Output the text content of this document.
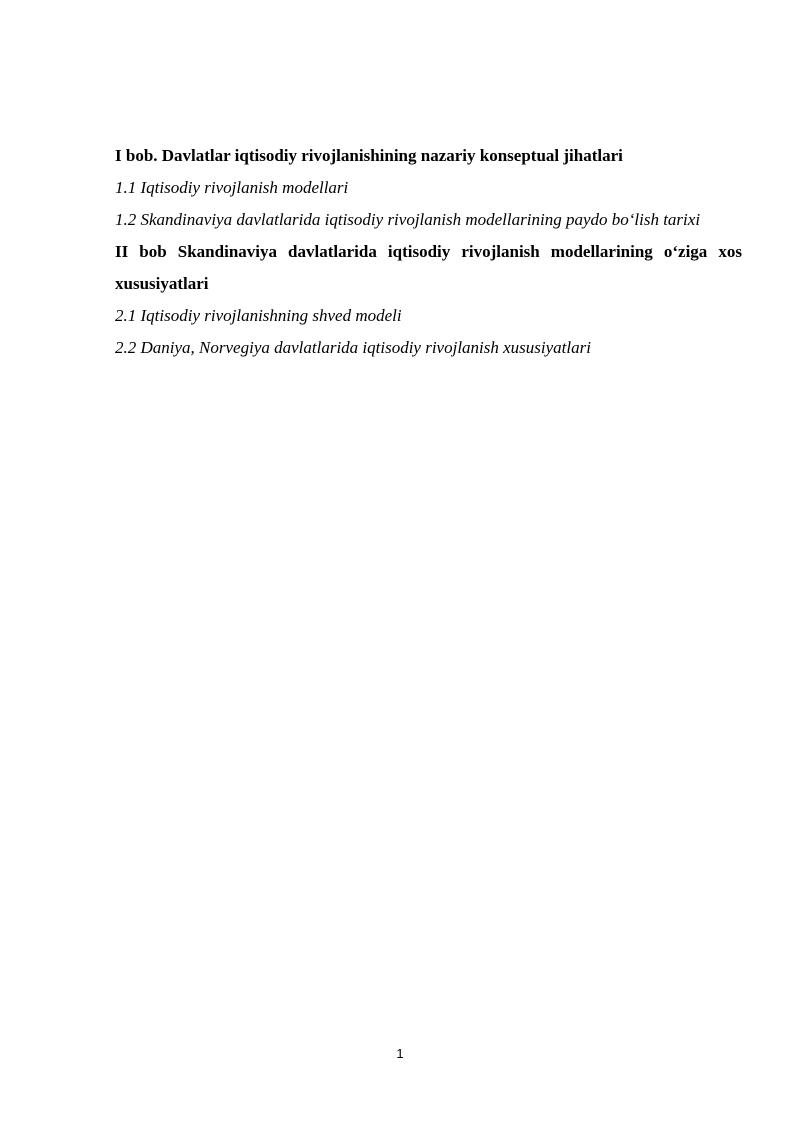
I bob. Davlatlar iqtisodiy rivojlanishining nazariy konseptual jihatlari

1.1 Iqtisodiy rivojlanish modellari

1.2 Skandinaviya davlatlarida iqtisodiy rivojlanish modellarining paydo bo‘lish tarixi

II bob Skandinaviya davlatlarida iqtisodiy rivojlanish modellarining o‘ziga xos xususiyatlari

2.1 Iqtisodiy rivojlanishning shved modeli

2.2 Daniya, Norvegiya davlatlarida iqtisodiy rivojlanish xususiyatlari

1
